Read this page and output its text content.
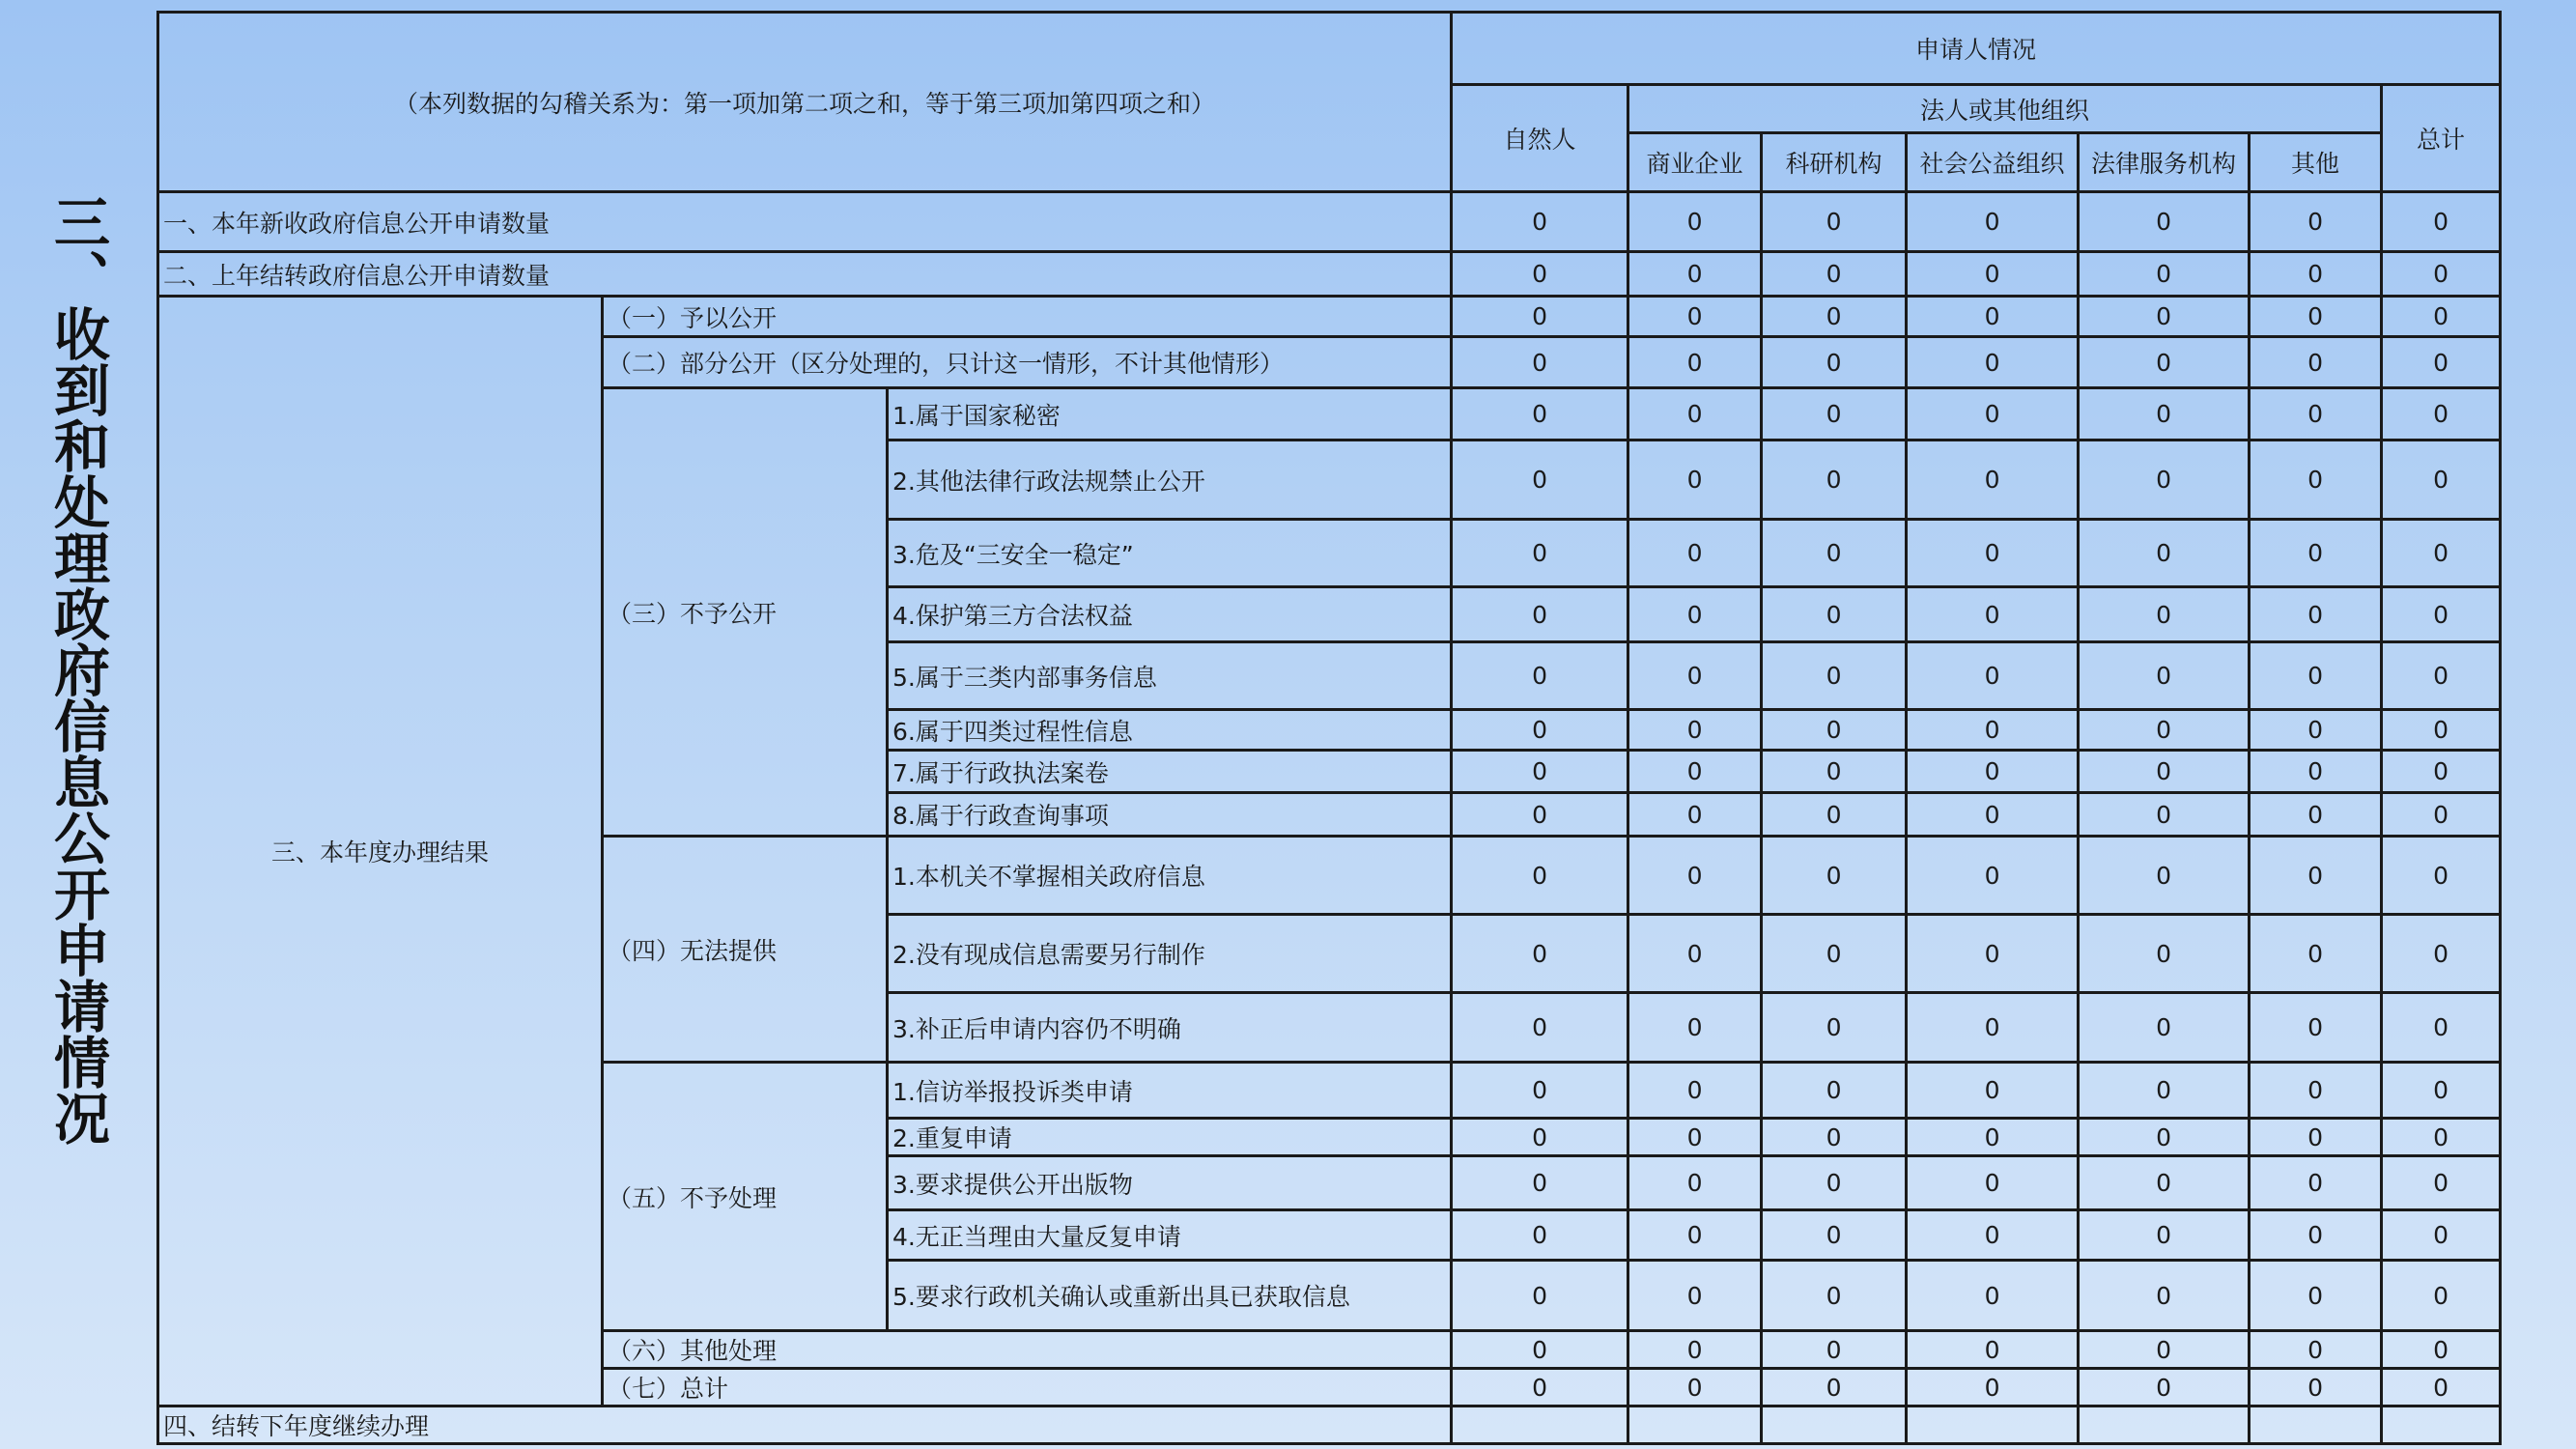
三、收到和处理政府信息公开申请情况
（本列数据的勾稽关系为：第一项加第二项之和，等于第三项加第四项之和）			申请人情况						
			自然人	法人或其他组织					总计
				商业企业	科研机构	社会公益组织	法律服务机构	其他	
一、本年新收政府信息公开申请数量			0	0	0	0	0	0	0
二、上年结转政府信息公开申请数量			0	0	0	0	0	0	0
三、本年度办理结果	（一）予以公开		0	0	0	0	0	0	0
	（二）部分公开（区分处理的，只计这一情形，不计其他情形）		0	0	0	0	0	0	0
	（三）不予公开	1.属于国家秘密	0	0	0	0	0	0	0
		2.其他法律行政法规禁止公开	0	0	0	0	0	0	0
		3.危及“三安全一稳定”	0	0	0	0	0	0	0
		4.保护第三方合法权益	0	0	0	0	0	0	0
		5.属于三类内部事务信息	0	0	0	0	0	0	0
		6.属于四类过程性信息	0	0	0	0	0	0	0
		7.属于行政执法案卷	0	0	0	0	0	0	0
		8.属于行政查询事项	0	0	0	0	0	0	0
	（四）无法提供	1.本机关不掌握相关政府信息	0	0	0	0	0	0	0
		2.没有现成信息需要另行制作	0	0	0	0	0	0	0
		3.补正后申请内容仍不明确	0	0	0	0	0	0	0
	（五）不予处理	1.信访举报投诉类申请	0	0	0	0	0	0	0
		2.重复申请	0	0	0	0	0	0	0
		3.要求提供公开出版物	0	0	0	0	0	0	0
		4.无正当理由大量反复申请	0	0	0	0	0	0	0
		5.要求行政机关确认或重新出具已获取信息	0	0	0	0	0	0	0
	（六）其他处理		0	0	0	0	0	0	0
	（七）总计		0	0	0	0	0	0	0
四、结转下年度继续办理									
